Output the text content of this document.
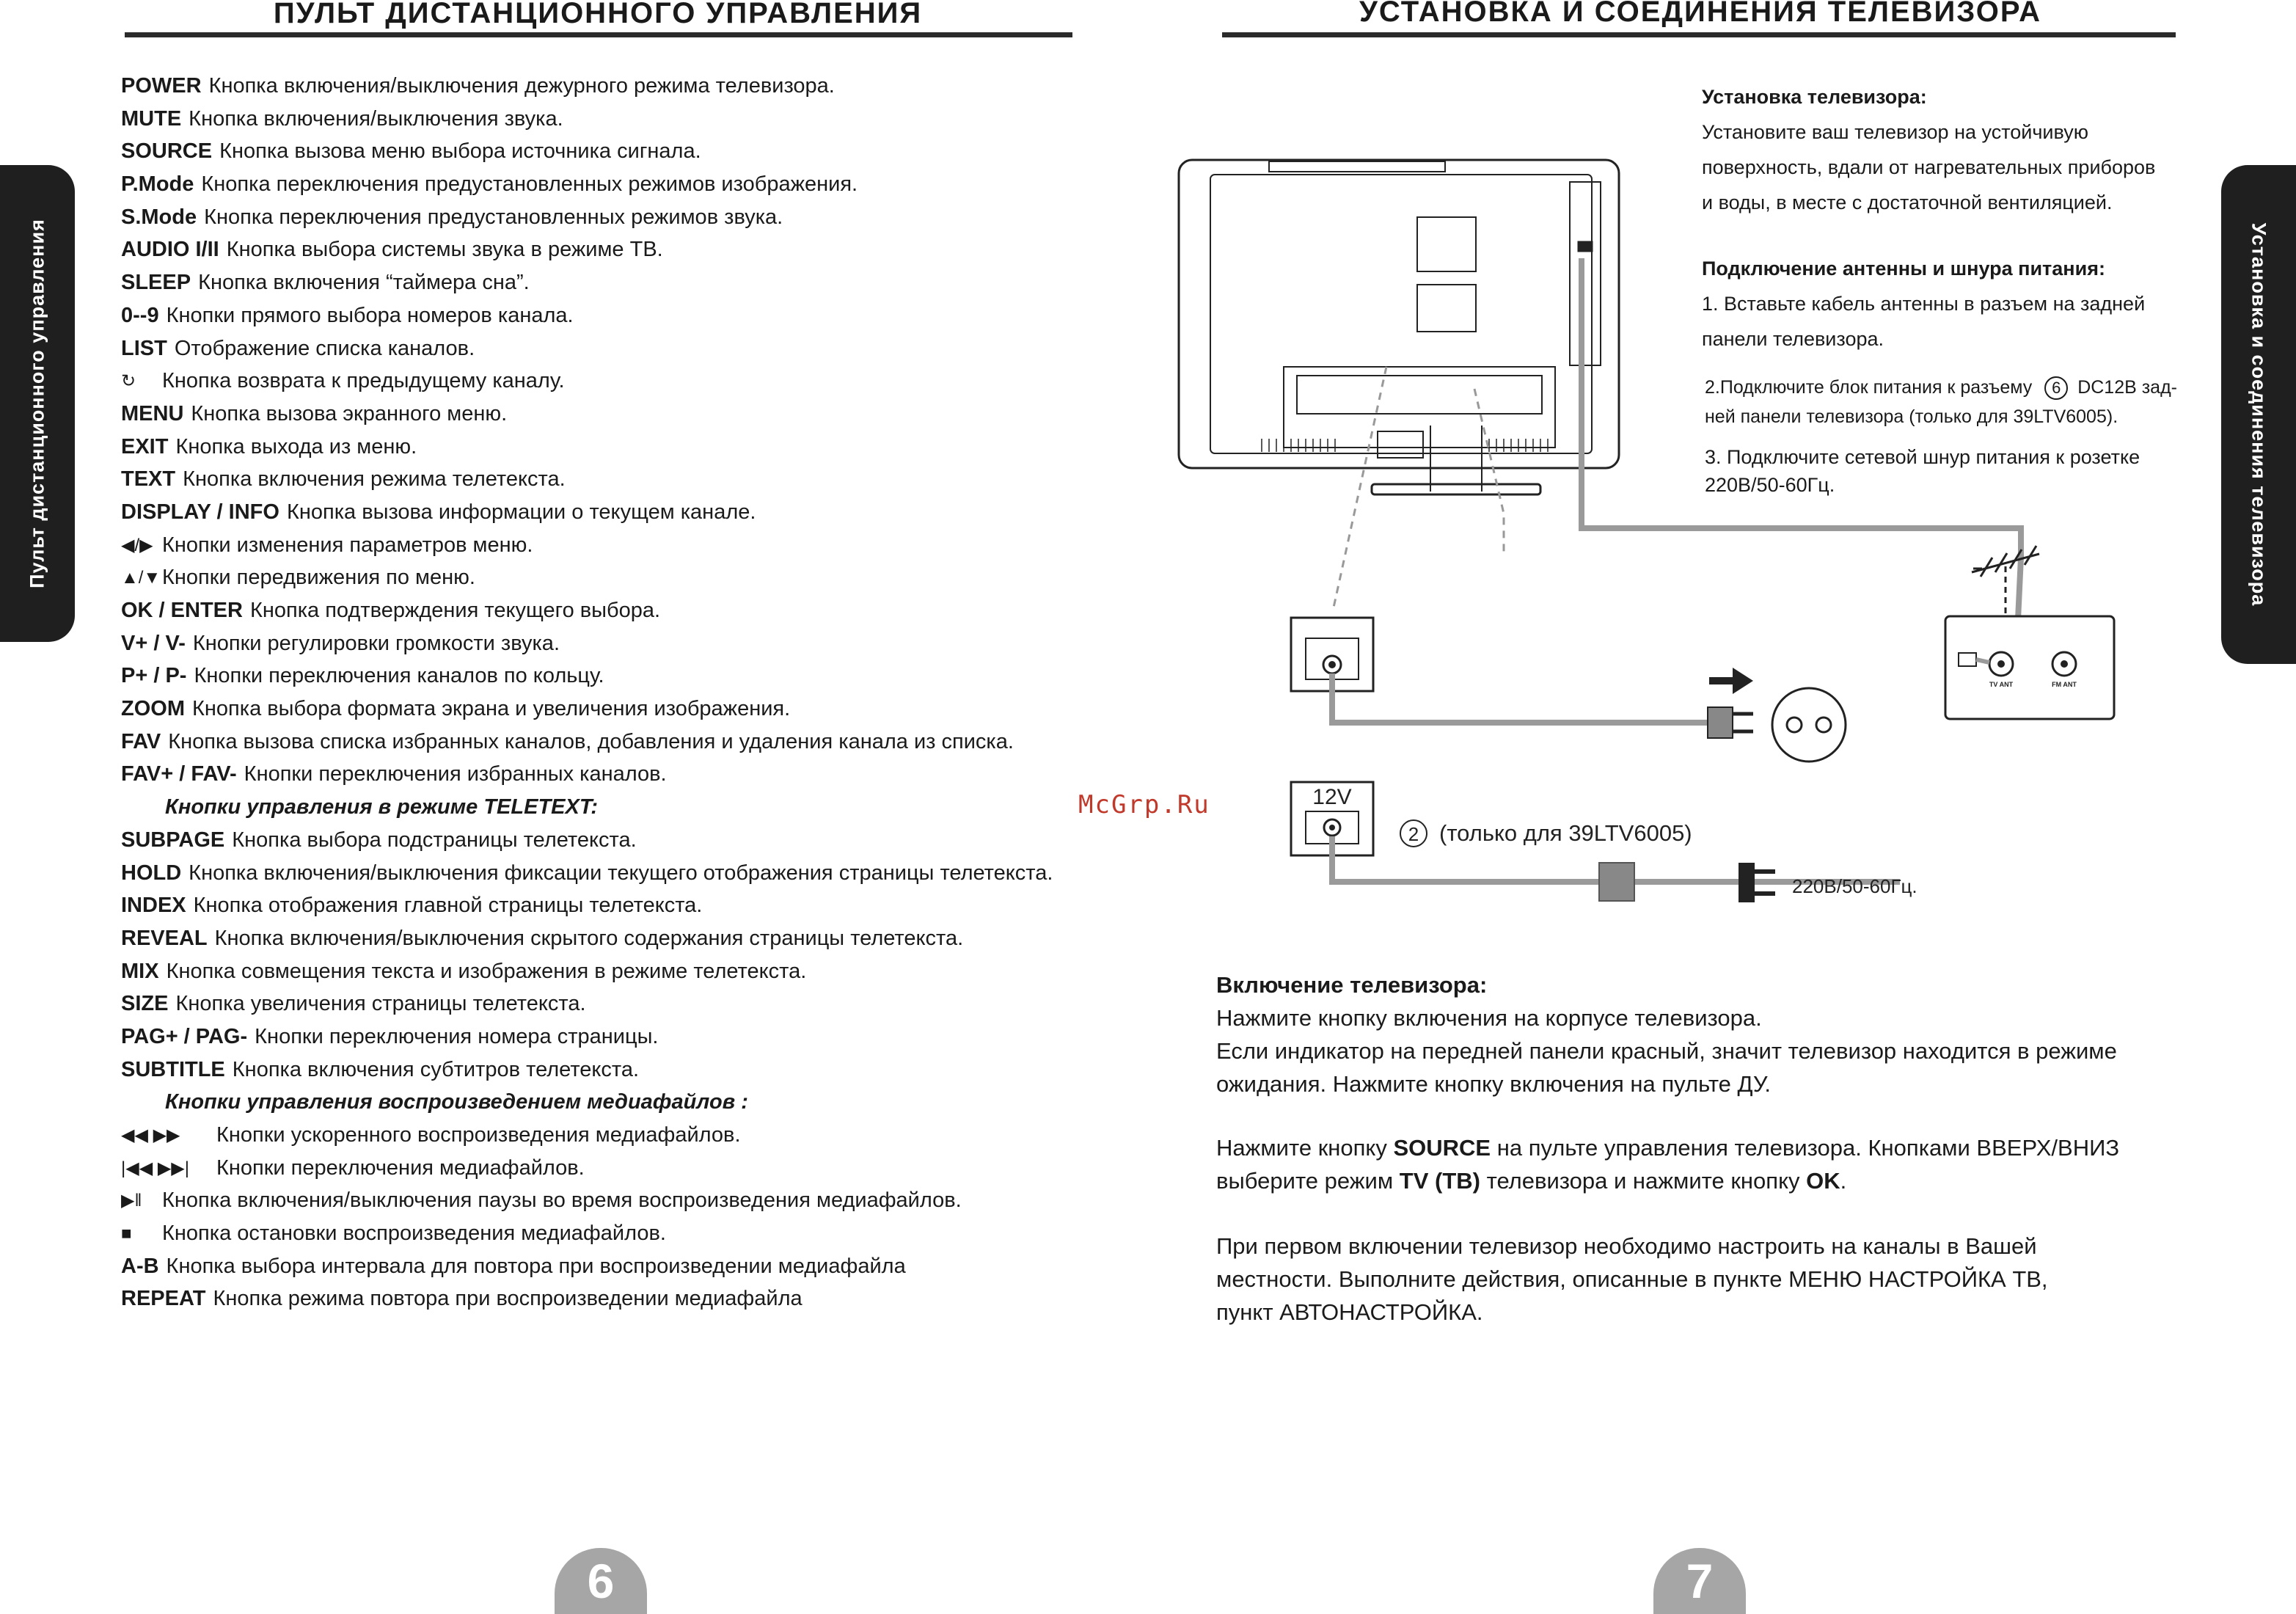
ПУЛЬТ ДИСТАНЦИОННОГО УПРАВЛЕНИЯ
Пульт дистанционного управления
POWER Кнопка включения/выключения дежурного режима телевизора.
MUTE Кнопка включения/выключения звука.
SOURCE Кнопка вызова меню выбора источника сигнала.
P.Mode Кнопка переключения предустановленных режимов изображения.
S.Mode Кнопка переключения предустановленных режимов звука.
AUDIO I/II Кнопка выбора системы звука в режиме ТВ.
SLEEP Кнопка включения “таймера сна”.
0--9 Кнопки прямого выбора номеров канала.
LIST Отображение списка каналов.
↻ Кнопка возврата к предыдущему каналу.
MENU Кнопка вызова экранного меню.
EXIT Кнопка выхода из меню.
TEXT Кнопка включения режима телетекста.
DISPLAY / INFO Кнопка вызова информации о текущем канале.
◀/▶ Кнопки изменения параметров меню.
▲/▼Кнопки передвижения по меню.
OK / ENTER Кнопка подтверждения текущего выбора.
V+ / V- Кнопки регулировки громкости звука.
P+ / P- Кнопки переключения каналов по кольцу.
ZOOM Кнопка выбора формата экрана и увеличения изображения.
FAV Кнопка вызова списка избранных каналов, добавления и удаления канала из списка.
FAV+ / FAV- Кнопки переключения избранных каналов.
Кнопки управления в режиме TELETEXT:
SUBPAGE Кнопка выбора подстраницы телетекста.
HOLD Кнопка включения/выключения фиксации текущего отображения страницы телетекста.
INDEX Кнопка отображения главной страницы телетекста.
REVEAL Кнопка включения/выключения скрытого содержания страницы телетекста.
MIX Кнопка совмещения текста и изображения в режиме телетекста.
SIZE Кнопка увеличения страницы телетекста.
PAG+ / PAG- Кнопки переключения номера страницы.
SUBTITLE Кнопка включения субтитров телетекста.
Кнопки управления воспроизведением медиафайлов :
◀◀ ▶▶ Кнопки ускоренного воспроизведения медиафайлов.
|◀◀ ▶▶| Кнопки переключения медиафайлов.
▶‖ Кнопка включения/выключения паузы во время воспроизведения медиафайлов.
■ Кнопка остановки воспроизведения медиафайлов.
A-B Кнопка выбора интервала для повтора при воспроизведении медиафайла
REPEAT Кнопка режима повтора при воспроизведении медиафайла
6
McGrp.Ru
УСТАНОВКА И СОЕДИНЕНИЯ ТЕЛЕВИЗОРА
Установка и соединения телевизора
Установка телевизора:
Установите ваш телевизор на устойчивую
поверхность, вдали от нагревательных приборов
и воды, в месте с достаточной вентиляцией.
Подключение антенны и шнура питания:
1. Вставьте кабель антенны в разъем на задней
панели телевизора.
2.Подключите блок питания к разъему 6 DC12В зад-
ней панели телевизора (только для 39LTV6005).
3. Подключите сетевой шнур питания к розетке
220В/50-60Гц.
TV ANT	FM ANT
12V
2 (только для 39LTV6005)
220В/50-60Гц.
Включение телевизора:
Нажмите кнопку включения на корпусе телевизора.
Если индикатор на передней панели красный, значит телевизор находится в режиме
ожидания. Нажмите кнопку включения на пульте ДУ.
Нажмите кнопку SOURCE на пульте управления телевизора. Кнопками ВВЕРХ/ВНИЗ
выберите режим TV (ТВ) телевизора и нажмите кнопку OK.
При первом включении телевизор необходимо настроить на каналы в Вашей
местности. Выполните действия, описанные в пункте МЕНЮ НАСТРОЙКА ТВ,
пункт АВТОНАСТРОЙКА.
7
